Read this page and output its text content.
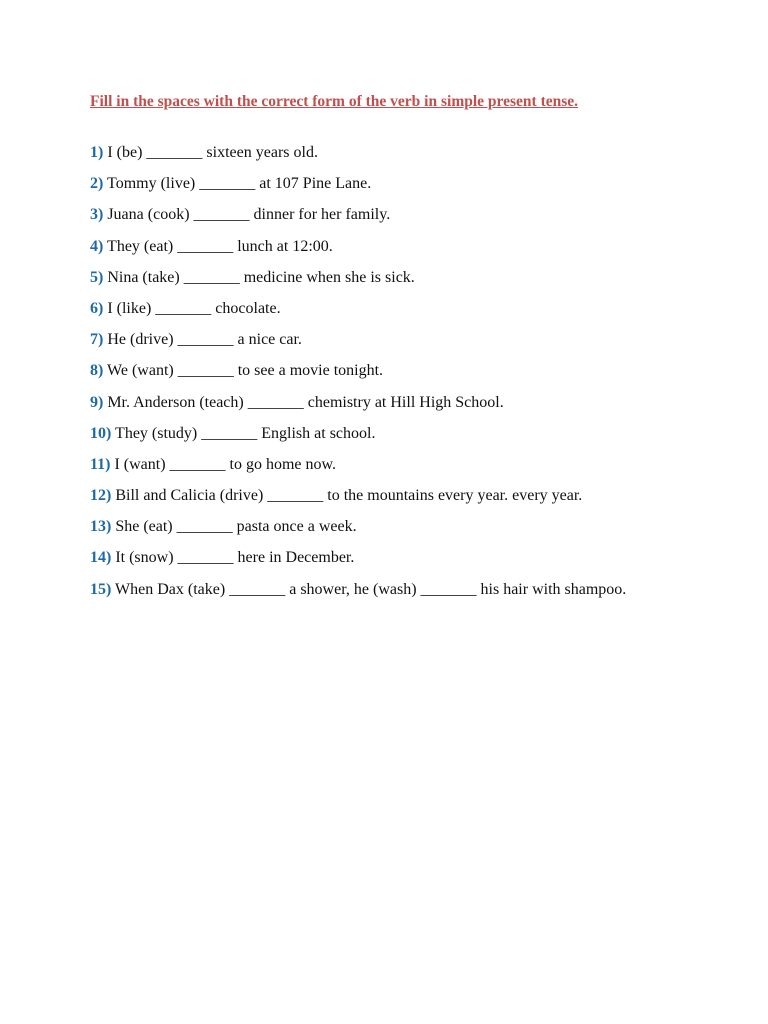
Fill in the spaces with the correct form of the verb in simple present tense.
1) I (be) _______ sixteen years old.
2) Tommy (live) _______ at 107 Pine Lane.
3) Juana (cook) _______ dinner for her family.
4) They (eat) _______ lunch at 12:00.
5) Nina (take) _______ medicine when she is sick.
6) I (like) _______ chocolate.
7) He (drive) _______ a nice car.
8) We (want) _______ to see a movie tonight.
9) Mr. Anderson (teach) _______ chemistry at Hill High School.
10) They (study) _______ English at school.
11) I (want) _______ to go home now.
12) Bill and Calicia (drive) _______ to the mountains every year. every year.
13) She (eat) _______ pasta once a week.
14) It (snow) _______ here in December.
15) When Dax (take) _______ a shower, he (wash) _______ his hair with shampoo.
